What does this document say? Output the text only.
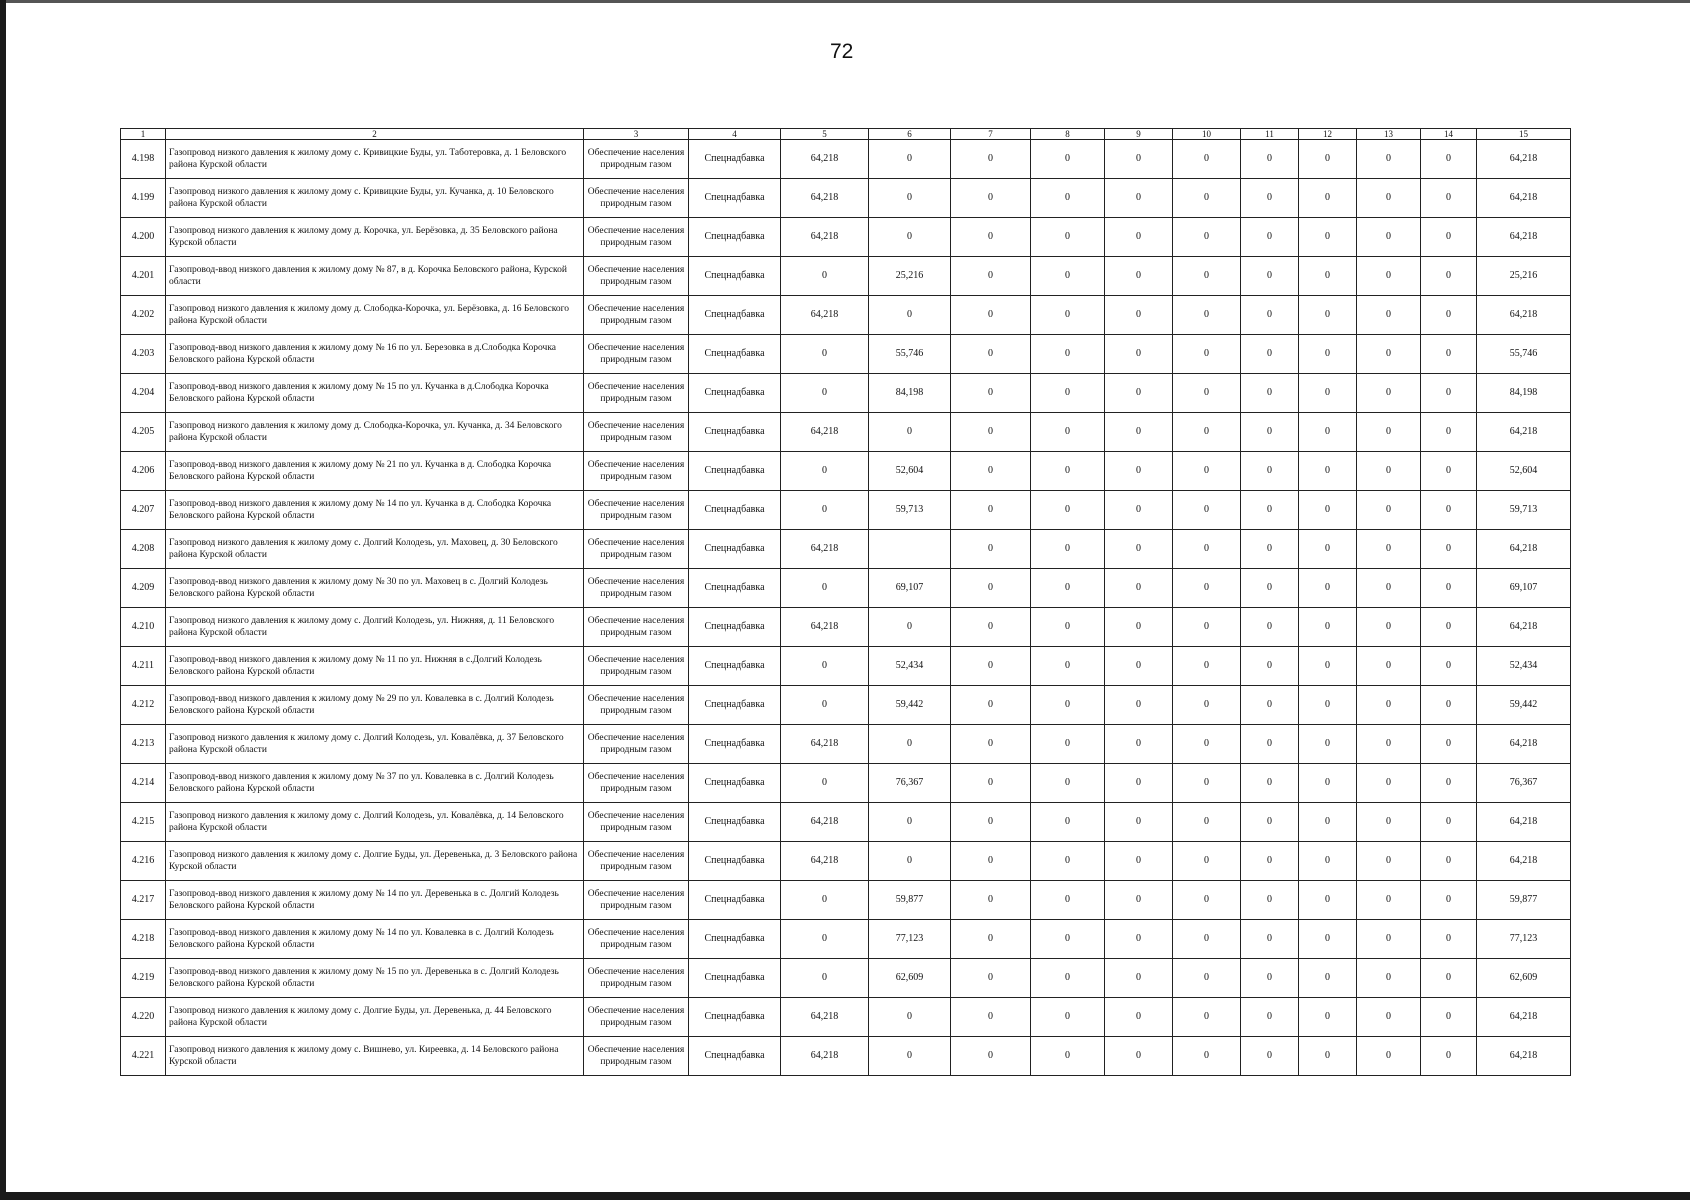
72
1	2	3	4	5	6	7	8	9	10	11	12	13	14	15
4.198	Газопровод низкого давления к жилому дому с. Кривицкие Буды, ул. Таботеровка, д. 1 Беловского района Курской области	Обеспечение населения природным газом	Спецнадбавка	64,218	0	0	0	0	0	0	0	0	0	64,218
4.199	Газопровод низкого давления к жилому дому с. Кривицкие Буды, ул. Кучанка, д. 10 Беловского района Курской области	Обеспечение населения природным газом	Спецнадбавка	64,218	0	0	0	0	0	0	0	0	0	64,218
4.200	Газопровод низкого давления к жилому дому д. Корочка, ул. Берёзовка, д. 35 Беловского района Курской области	Обеспечение населения природным газом	Спецнадбавка	64,218	0	0	0	0	0	0	0	0	0	64,218
4.201	Газопровод-ввод низкого давления к жилому дому № 87, в д. Корочка Беловского района, Курской области	Обеспечение населения природным газом	Спецнадбавка	0	25,216	0	0	0	0	0	0	0	0	25,216
4.202	Газопровод низкого давления к жилому дому д. Слободка-Корочка, ул. Берёзовка, д. 16 Беловского района Курской области	Обеспечение населения природным газом	Спецнадбавка	64,218	0	0	0	0	0	0	0	0	0	64,218
4.203	Газопровод-ввод низкого давления к жилому дому № 16 по ул. Березовка в д.Слободка Корочка Беловского района Курской области	Обеспечение населения природным газом	Спецнадбавка	0	55,746	0	0	0	0	0	0	0	0	55,746
4.204	Газопровод-ввод низкого давления к жилому дому № 15 по ул. Кучанка в д.Слободка Корочка Беловского района Курской области	Обеспечение населения природным газом	Спецнадбавка	0	84,198	0	0	0	0	0	0	0	0	84,198
4.205	Газопровод низкого давления к жилому дому д. Слободка-Корочка, ул. Кучанка, д. 34 Беловского района Курской области	Обеспечение населения природным газом	Спецнадбавка	64,218	0	0	0	0	0	0	0	0	0	64,218
4.206	Газопровод-ввод низкого давления к жилому дому № 21 по ул. Кучанка в д. Слободка Корочка Беловского района Курской области	Обеспечение населения природным газом	Спецнадбавка	0	52,604	0	0	0	0	0	0	0	0	52,604
4.207	Газопровод-ввод низкого давления к жилому дому № 14 по ул. Кучанка в д. Слободка Корочка Беловского района Курской области	Обеспечение населения природным газом	Спецнадбавка	0	59,713	0	0	0	0	0	0	0	0	59,713
4.208	Газопровод низкого давления к жилому дому с. Долгий Колодезь, ул. Маховец, д. 30 Беловского района Курской области	Обеспечение населения природным газом	Спецнадбавка	64,218		0	0	0	0	0	0	0	0	64,218
4.209	Газопровод-ввод низкого давления к жилому дому № 30 по ул. Маховец в с. Долгий Колодезь Беловского района Курской области	Обеспечение населения природным газом	Спецнадбавка	0	69,107	0	0	0	0	0	0	0	0	69,107
4.210	Газопровод низкого давления к жилому дому с. Долгий Колодезь, ул. Нижняя, д. 11 Беловского района Курской области	Обеспечение населения природным газом	Спецнадбавка	64,218	0	0	0	0	0	0	0	0	0	64,218
4.211	Газопровод-ввод низкого давления к жилому дому № 11 по ул. Нижняя в с.Долгий Колодезь Беловского района Курской области	Обеспечение населения природным газом	Спецнадбавка	0	52,434	0	0	0	0	0	0	0	0	52,434
4.212	Газопровод-ввод низкого давления к жилому дому № 29 по ул. Ковалевка в с. Долгий Колодезь Беловского района Курской области	Обеспечение населения природным газом	Спецнадбавка	0	59,442	0	0	0	0	0	0	0	0	59,442
4.213	Газопровод низкого давления к жилому дому с. Долгий Колодезь, ул. Ковалёвка, д. 37 Беловского района Курской области	Обеспечение населения природным газом	Спецнадбавка	64,218	0	0	0	0	0	0	0	0	0	64,218
4.214	Газопровод-ввод низкого давления к жилому дому № 37 по ул. Ковалевка в с. Долгий Колодезь Беловского района Курской области	Обеспечение населения природным газом	Спецнадбавка	0	76,367	0	0	0	0	0	0	0	0	76,367
4.215	Газопровод низкого давления к жилому дому с. Долгий Колодезь, ул. Ковалёвка, д. 14 Беловского района Курской области	Обеспечение населения природным газом	Спецнадбавка	64,218	0	0	0	0	0	0	0	0	0	64,218
4.216	Газопровод низкого давления к жилому дому с. Долгие Буды, ул. Деревенька, д. 3 Беловского района Курской области	Обеспечение населения природным газом	Спецнадбавка	64,218	0	0	0	0	0	0	0	0	0	64,218
4.217	Газопровод-ввод низкого давления к жилому дому № 14 по ул. Деревенька в с. Долгий Колодезь Беловского района Курской области	Обеспечение населения природным газом	Спецнадбавка	0	59,877	0	0	0	0	0	0	0	0	59,877
4.218	Газопровод-ввод низкого давления к жилому дому № 14 по ул. Ковалевка в с. Долгий Колодезь Беловского района Курской области	Обеспечение населения природным газом	Спецнадбавка	0	77,123	0	0	0	0	0	0	0	0	77,123
4.219	Газопровод-ввод низкого давления к жилому дому № 15 по ул. Деревенька в с. Долгий Колодезь Беловского района Курской области	Обеспечение населения природным газом	Спецнадбавка	0	62,609	0	0	0	0	0	0	0	0	62,609
4.220	Газопровод низкого давления к жилому дому с. Долгие Буды, ул. Деревенька, д. 44 Беловского района Курской области	Обеспечение населения природным газом	Спецнадбавка	64,218	0	0	0	0	0	0	0	0	0	64,218
4.221	Газопровод низкого давления к жилому дому с. Вишнево, ул. Киреевка, д. 14 Беловского района Курской области	Обеспечение населения природным газом	Спецнадбавка	64,218	0	0	0	0	0	0	0	0	0	64,218
